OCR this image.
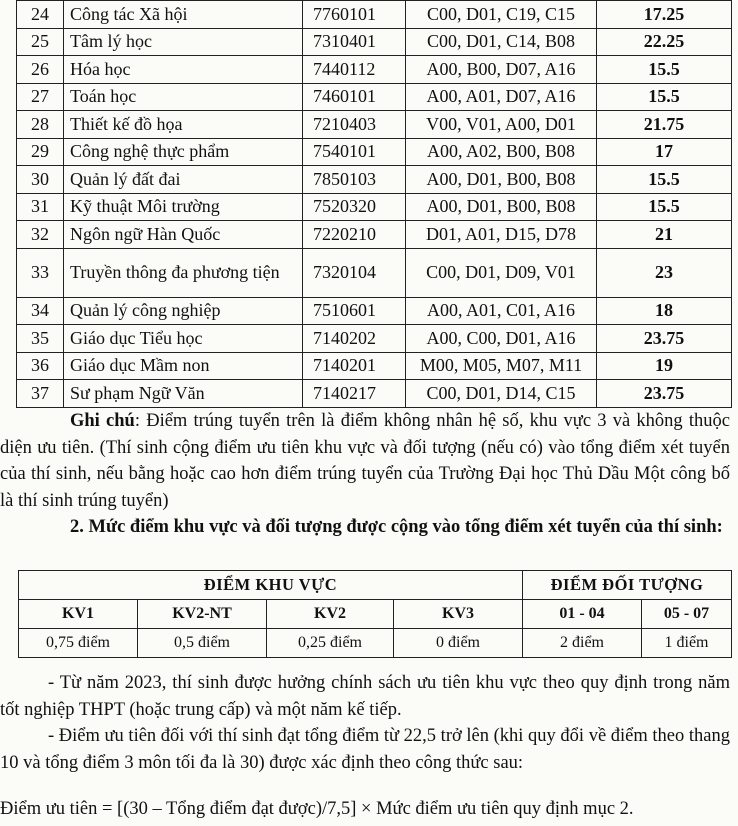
24	Công tác Xã hội	7760101	C00, D01, C19, C15	17.25
25	Tâm lý học	7310401	C00, D01, C14, B08	22.25
26	Hóa học	7440112	A00, B00, D07, A16	15.5
27	Toán học	7460101	A00, A01, D07, A16	15.5
28	Thiết kế đồ họa	7210403	V00, V01, A00, D01	21.75
29	Công nghệ thực phẩm	7540101	A00, A02, B00, B08	17
30	Quản lý đất đai	7850103	A00, D01, B00, B08	15.5
31	Kỹ thuật Môi trường	7520320	A00, D01, B00, B08	15.5
32	Ngôn ngữ Hàn Quốc	7220210	D01, A01, D15, D78	21
33	Truyền thông đa phương tiện	7320104	C00, D01, D09, V01	23
34	Quản lý công nghiệp	7510601	A00, A01, C01, A16	18
35	Giáo dục Tiểu học	7140202	A00, C00, D01, A16	23.75
36	Giáo dục Mầm non	7140201	M00, M05, M07, M11	19
37	Sư phạm Ngữ Văn	7140217	C00, D01, D14, C15	23.75
Ghi chú: Điểm trúng tuyển trên là điểm không nhân hệ số, khu vực 3 và không thuộc diện ưu tiên. (Thí sinh cộng điểm ưu tiên khu vực và đối tượng (nếu có) vào tổng điểm xét tuyển của thí sinh, nếu bằng hoặc cao hơn điểm trúng tuyển của Trường Đại học Thủ Dầu Một công bố là thí sinh trúng tuyển)
2. Mức điểm khu vực và đối tượng được cộng vào tổng điểm xét tuyển của thí sinh:
ĐIỂM KHU VỰC				ĐIỂM ĐỐI TƯỢNG	
KV1	KV2-NT	KV2	KV3	01 - 04	05 - 07
0,75 điểm	0,5 điểm	0,25 điểm	0 điểm	2 điểm	1 điểm
- Từ năm 2023, thí sinh được hưởng chính sách ưu tiên khu vực theo quy định trong năm tốt nghiệp THPT (hoặc trung cấp) và một năm kế tiếp.
- Điểm ưu tiên đối với thí sinh đạt tổng điểm từ 22,5 trở lên (khi quy đổi về điểm theo thang 10 và tổng điểm 3 môn tối đa là 30) được xác định theo công thức sau:
Điểm ưu tiên = [(30 – Tổng điểm đạt được)/7,5] × Mức điểm ưu tiên quy định mục 2.
